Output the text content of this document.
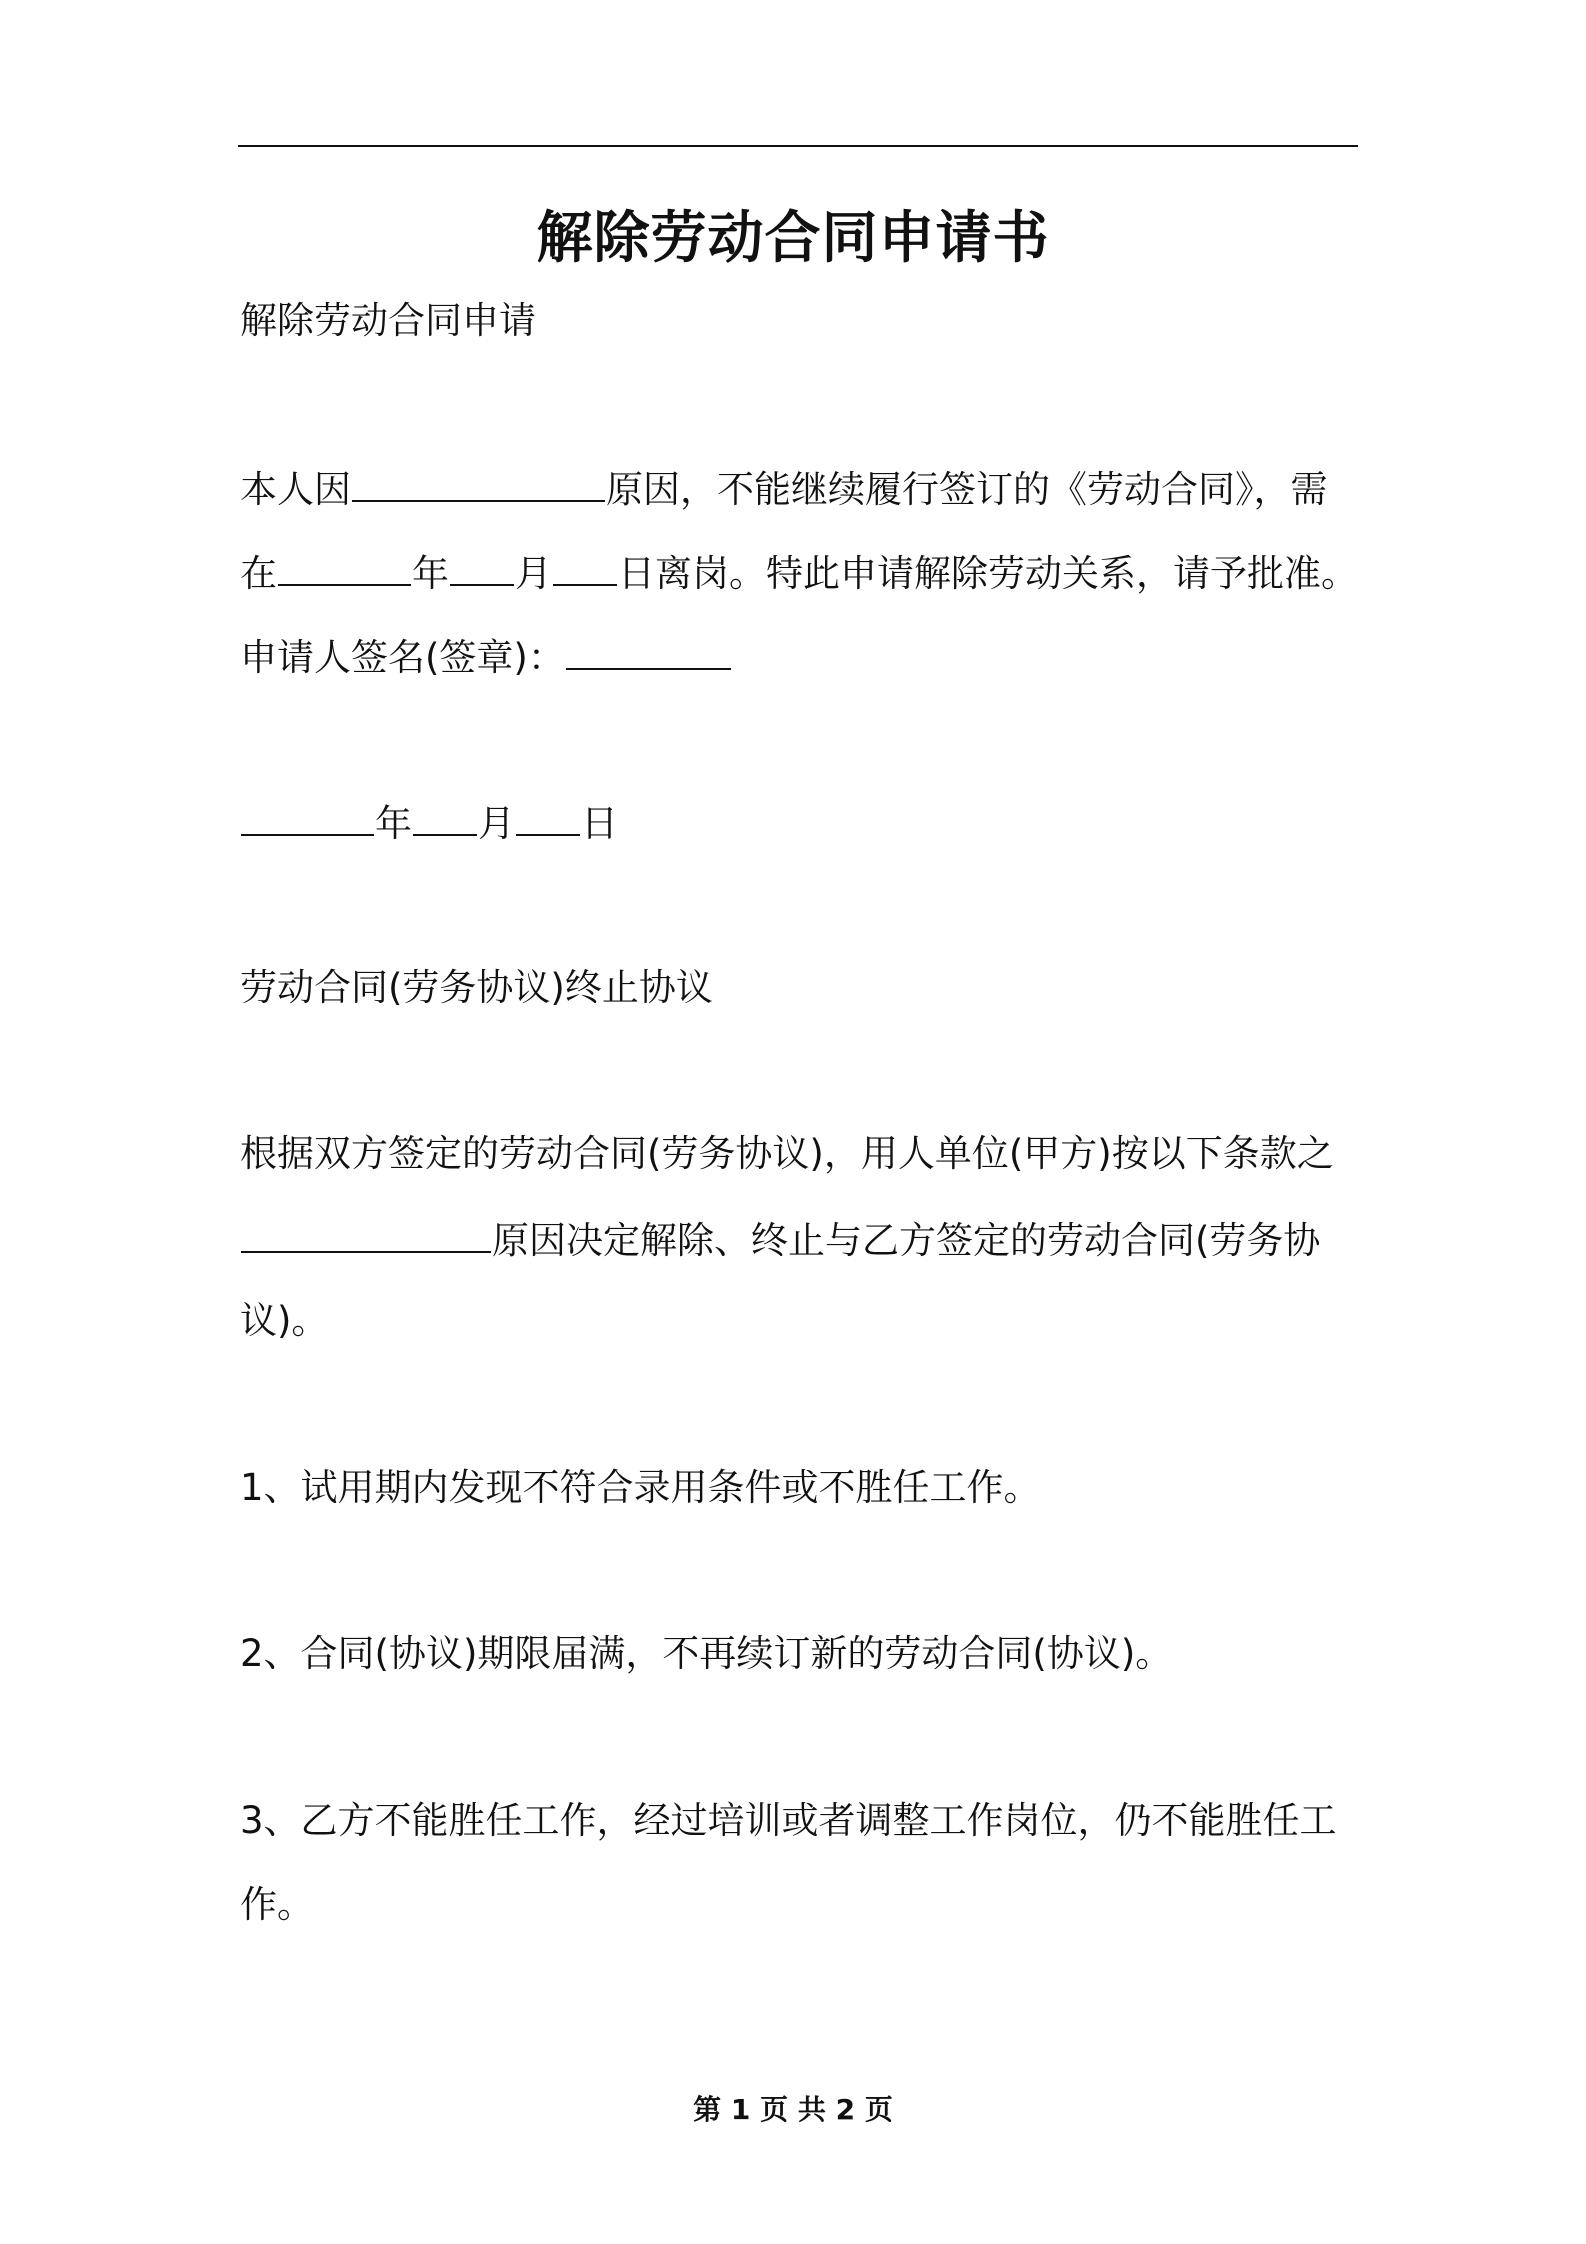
解除劳动合同申请书
解除劳动合同申请
本人因	原因，不能继续履行签订的《劳动合同》，需
在	年 月 日离岗。特此申请解除劳动关系，请予批准。
申请人签名(签章)：
年 月 日
劳动合同(劳务协议)终止协议
根据双方签定的劳动合同(劳务协议)，用人单位(甲方)按以下条款之
原因决定解除、终止与乙方签定的劳动合同(劳务协
议)。
1、试用期内发现不符合录用条件或不胜任工作。
2、合同(协议)期限届满，不再续订新的劳动合同(协议)。
3、乙方不能胜任工作，经过培训或者调整工作岗位，仍不能胜任工
作。
第 1 页 共 2 页
